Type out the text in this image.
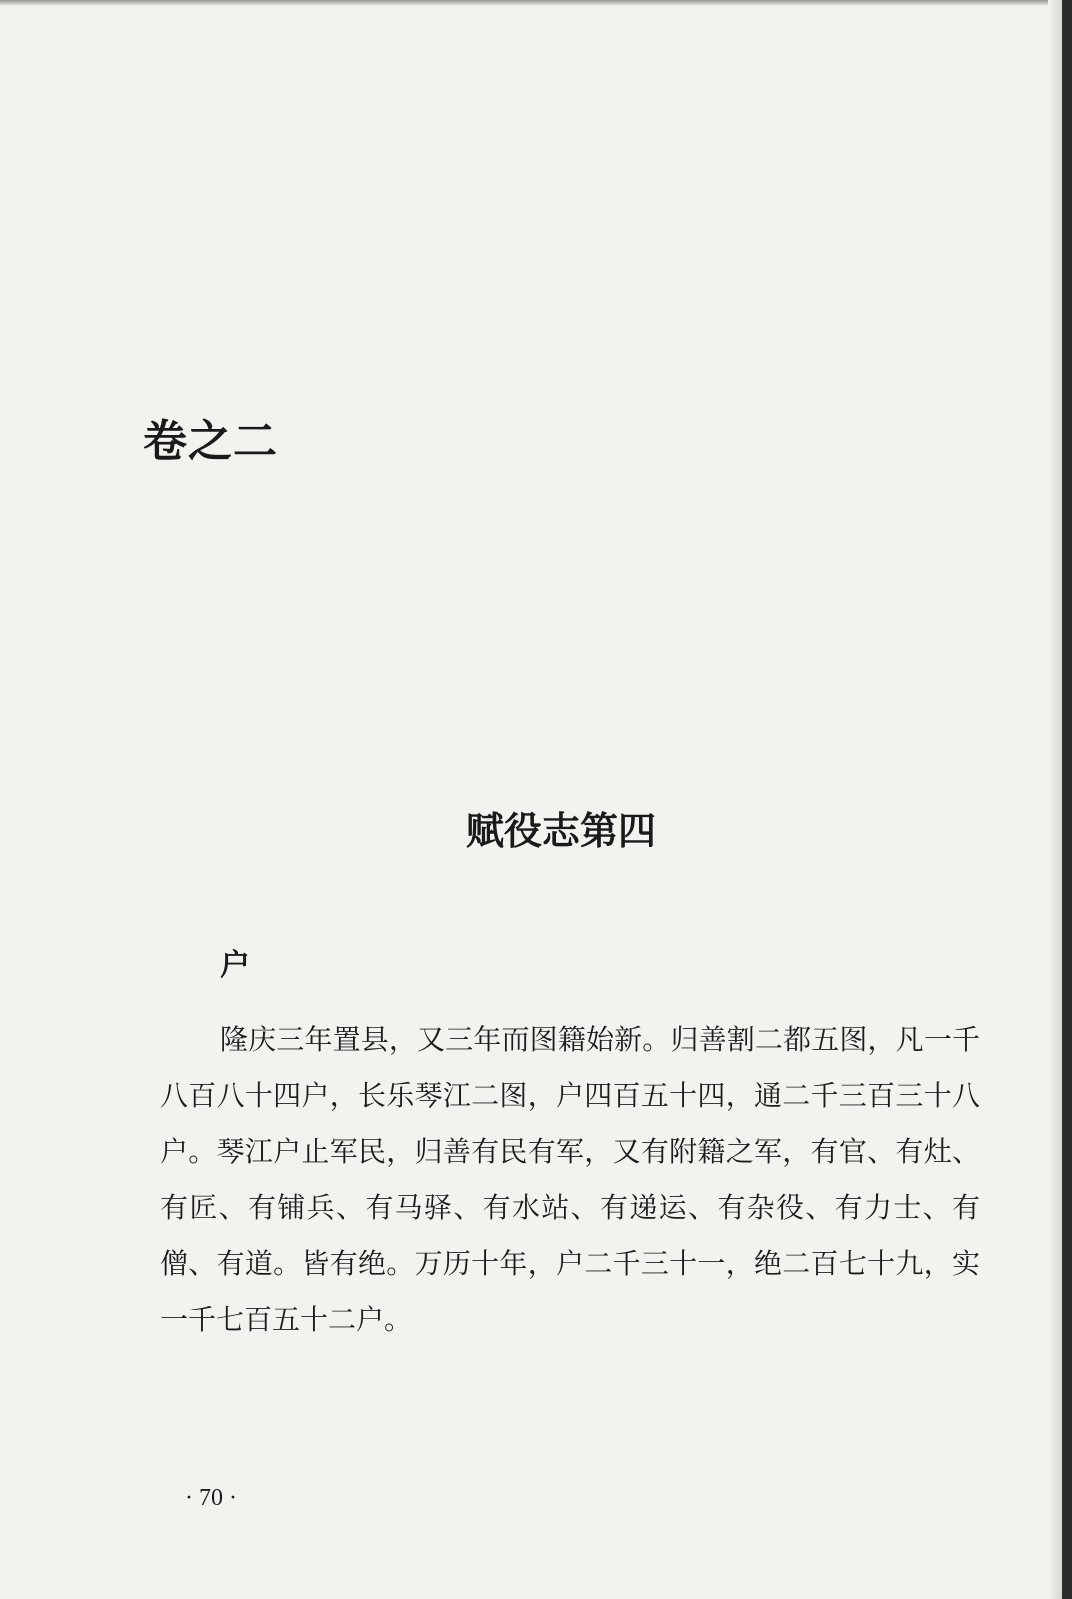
卷之二
赋役志第四
户

隆庆三年置县，又三年而图籍始新。归善割二都五图，凡一千八百八十四户，长乐琴江二图，户四百五十四，通二千三百三十八户。琴江户止军民，归善有民有军，又有附籍之军，有官、有灶、有匠、有铺兵、有马驿、有水站、有递运、有杂役、有力士、有僧、有道。皆有绝。万历十年，户二千三十一，绝二百七十九，实一千七百五十二户。

· 70 ·
